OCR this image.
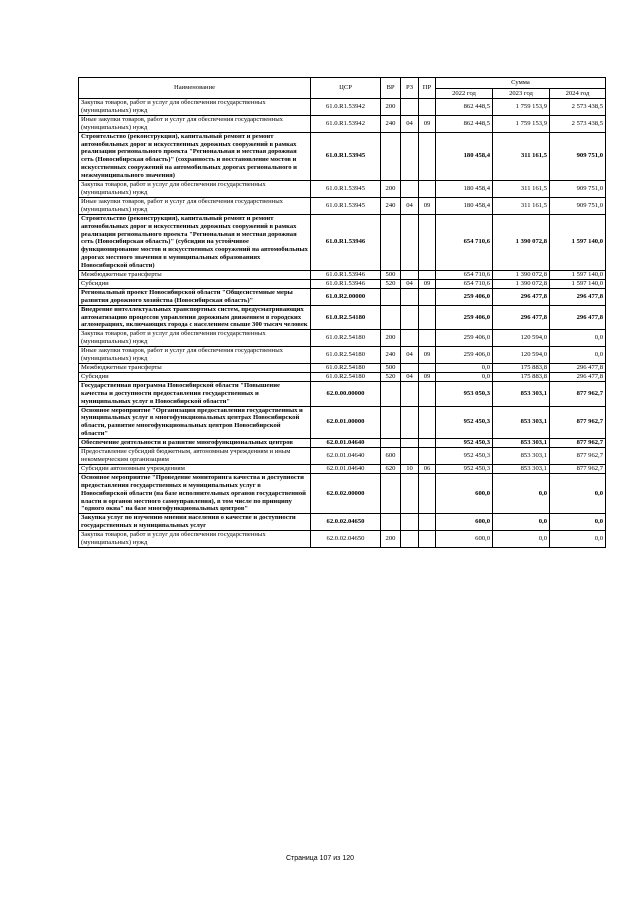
Наименование	ЦСР	ВР	РЗ	ПР	Сумма		
					2022 год	2023 год	2024 год
Закупка товаров, работ и услуг для обеспечения государственных (муниципальных) нужд	61.0.R1.53942	200			862 448,5	1 759 153,9	2 573 438,5
Иные закупки товаров, работ и услуг для обеспечения государственных (муниципальных) нужд	61.0.R1.53942	240	04	09	862 448,5	1 759 153,9	2 573 438,5
Строительство (реконструкция), капитальный ремонт и ремонт автомобильных дорог и искусственных дорожных сооружений в рамках реализации регионального проекта "Региональная и местная дорожная сеть (Новосибирская область)" (сохранность и восстановление мостов и искусственных сооружений на автомобильных дорогах регионального и межмуниципального значения)	61.0.R1.53945				180 458,4	311 161,5	909 751,0
Закупка товаров, работ и услуг для обеспечения государственных (муниципальных) нужд	61.0.R1.53945	200			180 458,4	311 161,5	909 751,0
Иные закупки товаров, работ и услуг для обеспечения государственных (муниципальных) нужд	61.0.R1.53945	240	04	09	180 458,4	311 161,5	909 751,0
Строительство (реконструкция), капитальный ремонт и ремонт автомобильных дорог и искусственных дорожных сооружений в рамках реализации регионального проекта "Региональная и местная дорожная сеть (Новосибирская область)" (субсидии на устойчивое функционирование мостов и искусственных сооружений на автомобильных дорогах местного значения в муниципальных образованиях Новосибирской области)	61.0.R1.53946				654 710,6	1 390 072,8	1 597 140,0
Межбюджетные трансферты	61.0.R1.53946	500			654 710,6	1 390 072,8	1 597 140,0
Субсидии	61.0.R1.53946	520	04	09	654 710,6	1 390 072,8	1 597 140,0
Региональный проект Новосибирской области "Общесистемные меры развития дорожного хозяйства (Новосибирская область)"	61.0.R2.00000				259 406,0	296 477,8	296 477,8
Внедрение интеллектуальных транспортных систем, предусматривающих автоматизацию процессов управления дорожным движением в городских агломерациях, включающих города с населением свыше 300 тысяч человек	61.0.R2.54180				259 406,0	296 477,8	296 477,8
Закупка товаров, работ и услуг для обеспечения государственных (муниципальных) нужд	61.0.R2.54180	200			259 406,0	120 594,0	0,0
Иные закупки товаров, работ и услуг для обеспечения государственных (муниципальных) нужд	61.0.R2.54180	240	04	09	259 406,0	120 594,0	0,0
Межбюджетные трансферты	61.0.R2.54180	500			0,0	175 883,8	296 477,8
Субсидии	61.0.R2.54180	520	04	09	0,0	175 883,8	296 477,8
Государственная программа Новосибирской области "Повышение качества и доступности предоставления государственных и муниципальных услуг в Новосибирской области"	62.0.00.00000				953 050,3	853 303,1	877 962,7
Основное мероприятие "Организация предоставления государственных и муниципальных услуг в многофункциональных центрах Новосибирской области, развитие многофункциональных центров Новосибирской области"	62.0.01.00000				952 450,3	853 303,1	877 962,7
Обеспечение деятельности и развитие многофункциональных центров	62.0.01.04640				952 450,3	853 303,1	877 962,7
Предоставление субсидий бюджетным, автономным учреждениям и иным некоммерческим организациям	62.0.01.04640	600			952 450,3	853 303,1	877 962,7
Субсидии автономным учреждениям	62.0.01.04640	620	10	06	952 450,3	853 303,1	877 962,7
Основное мероприятие "Проведение мониторинга качества и доступности предоставления государственных и муниципальных услуг в Новосибирской области (на базе исполнительных органов государственной власти и органов местного самоуправления), в том числе по принципу "одного окна" на базе многофункциональных центров"	62.0.02.00000				600,0	0,0	0,0
Закупка услуг по изучению мнения населения о качестве и доступности государственных и муниципальных услуг	62.0.02.04650				600,0	0,0	0,0
Закупка товаров, работ и услуг для обеспечения государственных (муниципальных) нужд	62.0.02.04650	200			600,0	0,0	0,0
Страница 107 из 120
